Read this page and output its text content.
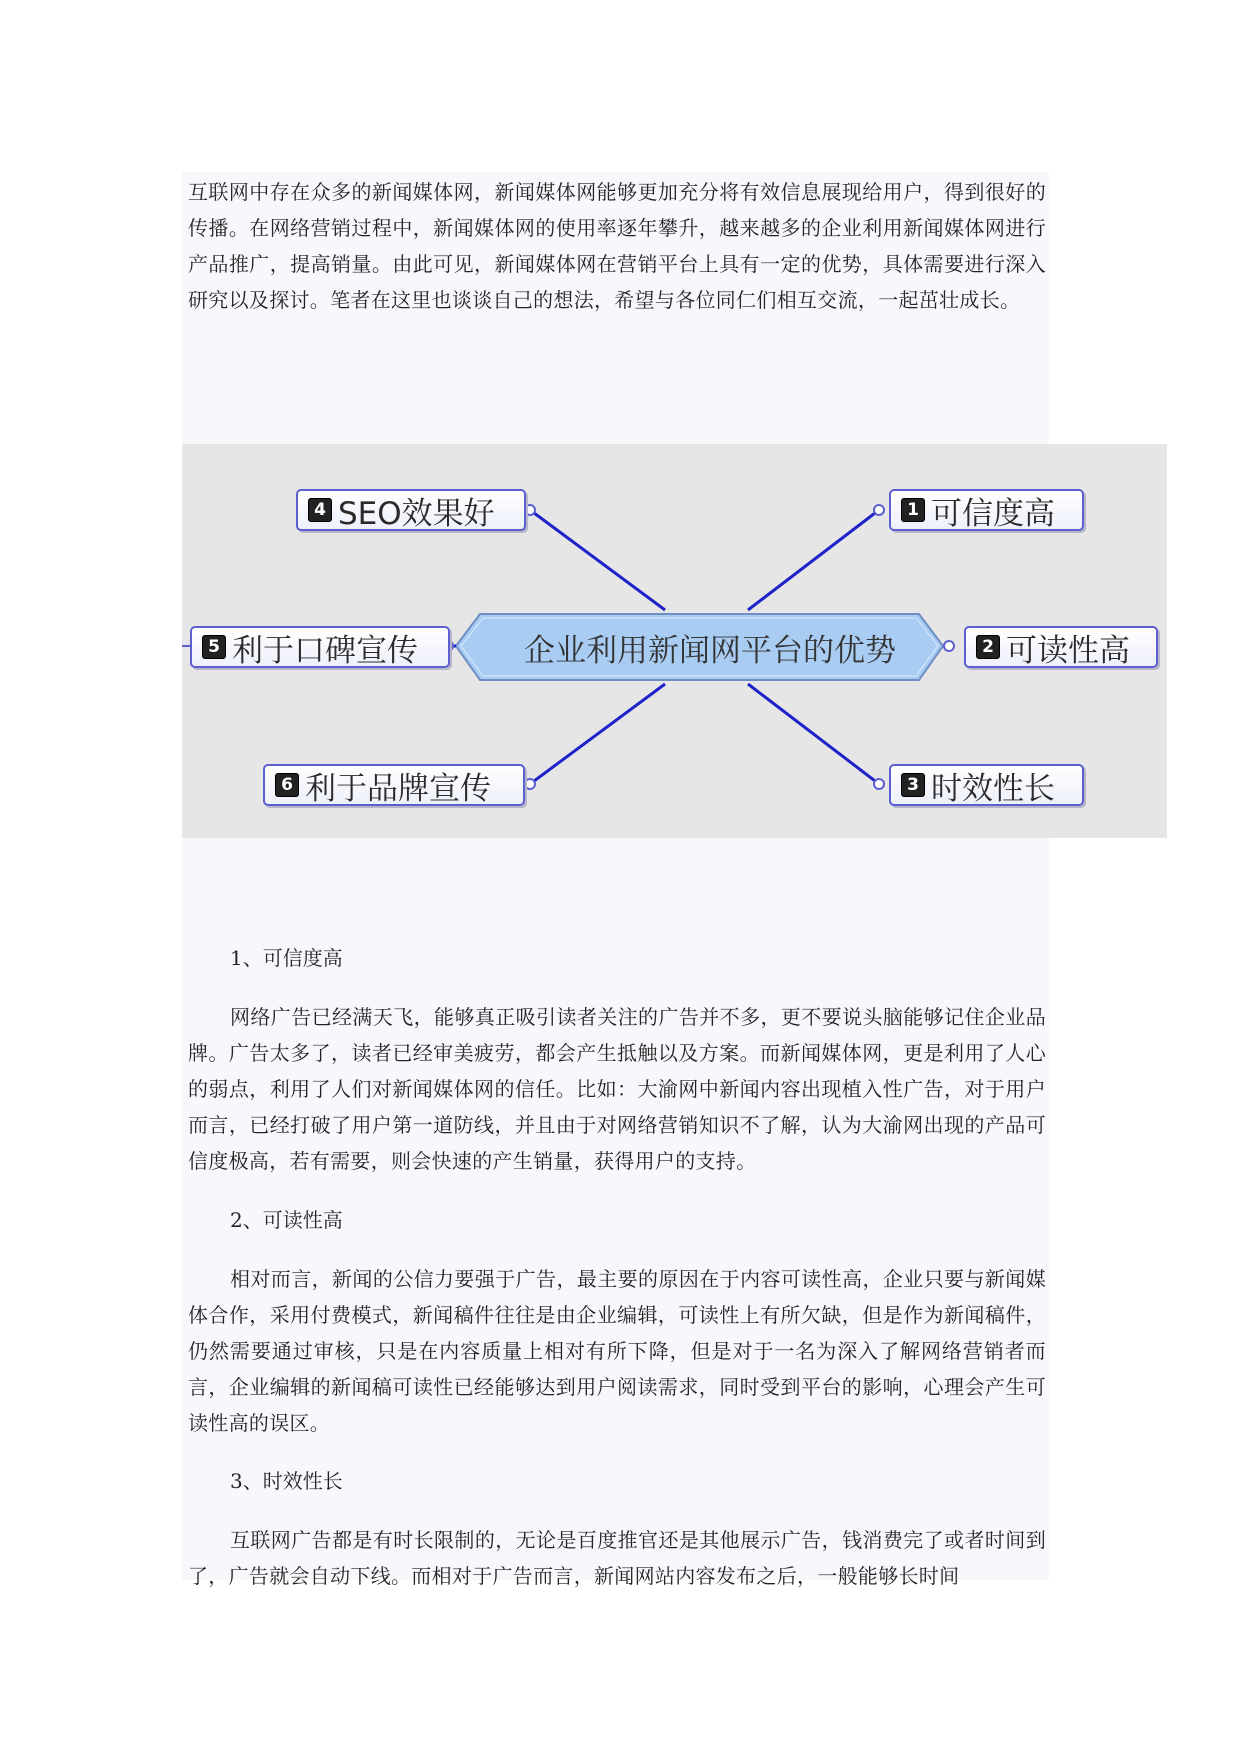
互联网中存在众多的新闻媒体网，新闻媒体网能够更加充分将有效信息展现给用户，得到很好的传播。在网络营销过程中，新闻媒体网的使用率逐年攀升，越来越多的企业利用新闻媒体网进行产品推广，提高销量。由此可见，新闻媒体网在营销平台上具有一定的优势，具体需要进行深入研究以及探讨。笔者在这里也谈谈自己的想法，希望与各位同仁们相互交流，一起茁壮成长。

企业利用新闻网平台的优势
4 SEO效果好	1 可信度高
5 利于口碑宣传	2 可读性高
6 利于品牌宣传	3 时效性长

1、可信度高

网络广告已经满天飞，能够真正吸引读者关注的广告并不多，更不要说头脑能够记住企业品牌。广告太多了，读者已经审美疲劳，都会产生抵触以及方案。而新闻媒体网，更是利用了人心的弱点，利用了人们对新闻媒体网的信任。比如：大渝网中新闻内容出现植入性广告，对于用户而言，已经打破了用户第一道防线，并且由于对网络营销知识不了解，认为大渝网出现的产品可信度极高，若有需要，则会快速的产生销量，获得用户的支持。

2、可读性高

相对而言，新闻的公信力要强于广告，最主要的原因在于内容可读性高，企业只要与新闻媒体合作，采用付费模式，新闻稿件往往是由企业编辑，可读性上有所欠缺，但是作为新闻稿件，仍然需要通过审核，只是在内容质量上相对有所下降，但是对于一名为深入了解网络营销者而言，企业编辑的新闻稿可读性已经能够达到用户阅读需求，同时受到平台的影响，心理会产生可读性高的误区。

3、时效性长

互联网广告都是有时长限制的，无论是百度推官还是其他展示广告，钱消费完了或者时间到了，广告就会自动下线。而相对于广告而言，新闻网站内容发布之后，一般能够长时间
